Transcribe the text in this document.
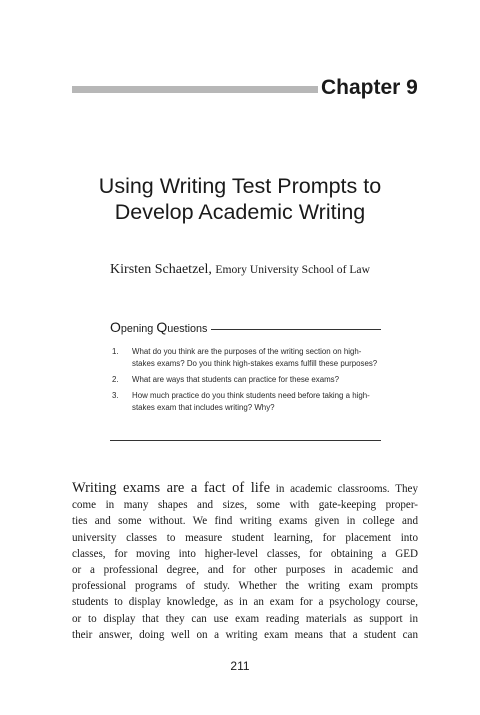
Chapter 9
Using Writing Test Prompts to
Develop Academic Writing
Kirsten Schaetzel, Emory University School of Law
Opening Questions
1.	What do you think are the purposes of the writing section on high-stakes exams? Do you think high-stakes exams fulfill these purposes?
2.	What are ways that students can practice for these exams?
3.	How much practice do you think students need before taking a high-stakes exam that includes writing? Why?

Writing exams are a fact of life in academic classrooms. They
come in many shapes and sizes, some with gate-keeping proper-
ties and some without. We find writing exams given in college and
university classes to measure student learning, for placement into
classes, for moving into higher-level classes, for obtaining a GED
or a professional degree, and for other purposes in academic and
professional programs of study. Whether the writing exam prompts
students to display knowledge, as in an exam for a psychology course,
or to display that they can use exam reading materials as support in
their answer, doing well on a writing exam means that a student can

211
